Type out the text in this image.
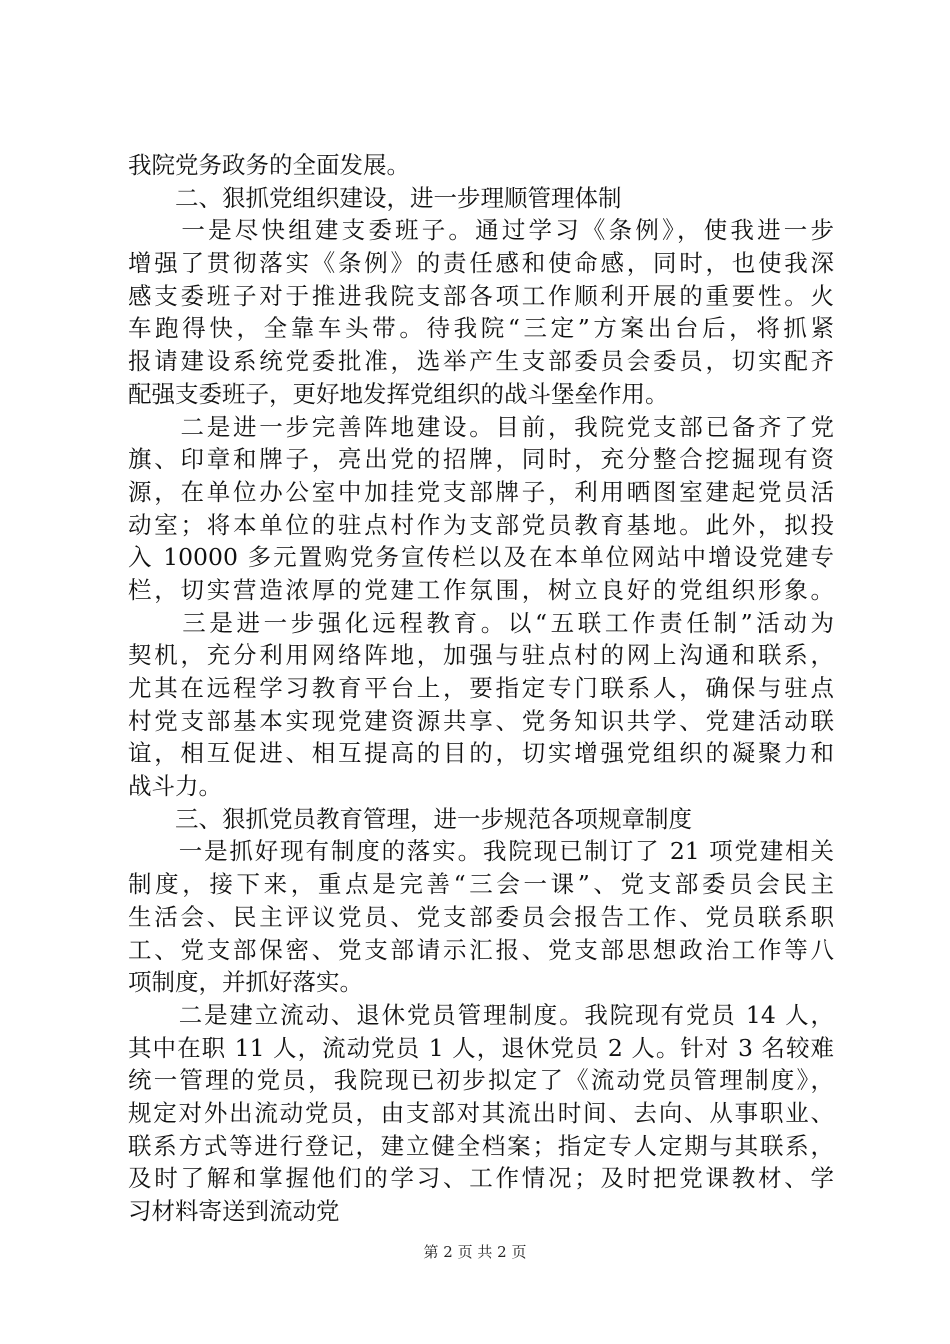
我院党务政务的全面发展。
　　二、狠抓党组织建设，进一步理顺管理体制
　　一是尽快组建支委班子。通过学习《条例》，使我进一步
增强了贯彻落实《条例》的责任感和使命感，同时，也使我深
感支委班子对于推进我院支部各项工作顺利开展的重要性。火
车跑得快，全靠车头带。待我院“三定”方案出台后，将抓紧
报请建设系统党委批准，选举产生支部委员会委员，切实配齐
配强支委班子，更好地发挥党组织的战斗堡垒作用。
　　二是进一步完善阵地建设。目前，我院党支部已备齐了党
旗、印章和牌子，亮出党的招牌，同时，充分整合挖掘现有资
源，在单位办公室中加挂党支部牌子，利用晒图室建起党员活
动室；将本单位的驻点村作为支部党员教育基地。此外，拟投
入 10000 多元置购党务宣传栏以及在本单位网站中增设党建专
栏，切实营造浓厚的党建工作氛围，树立良好的党组织形象。
　　三是进一步强化远程教育。以“五联工作责任制”活动为
契机，充分利用网络阵地，加强与驻点村的网上沟通和联系，
尤其在远程学习教育平台上，要指定专门联系人，确保与驻点
村党支部基本实现党建资源共享、党务知识共学、党建活动联
谊，相互促进、相互提高的目的，切实增强党组织的凝聚力和
战斗力。
　　三、狠抓党员教育管理，进一步规范各项规章制度
　　一是抓好现有制度的落实。我院现已制订了 21 项党建相关
制度，接下来，重点是完善“三会一课”、党支部委员会民主
生活会、民主评议党员、党支部委员会报告工作、党员联系职
工、党支部保密、党支部请示汇报、党支部思想政治工作等八
项制度，并抓好落实。
　　二是建立流动、退休党员管理制度。我院现有党员 14 人，
其中在职 11 人，流动党员 1 人，退休党员 2 人。针对 3 名较难
统一管理的党员，我院现已初步拟定了《流动党员管理制度》，
规定对外出流动党员，由支部对其流出时间、去向、从事职业、
联系方式等进行登记，建立健全档案；指定专人定期与其联系，
及时了解和掌握他们的学习、工作情况；及时把党课教材、学
习材料寄送到流动党
第 2 页 共 2 页
